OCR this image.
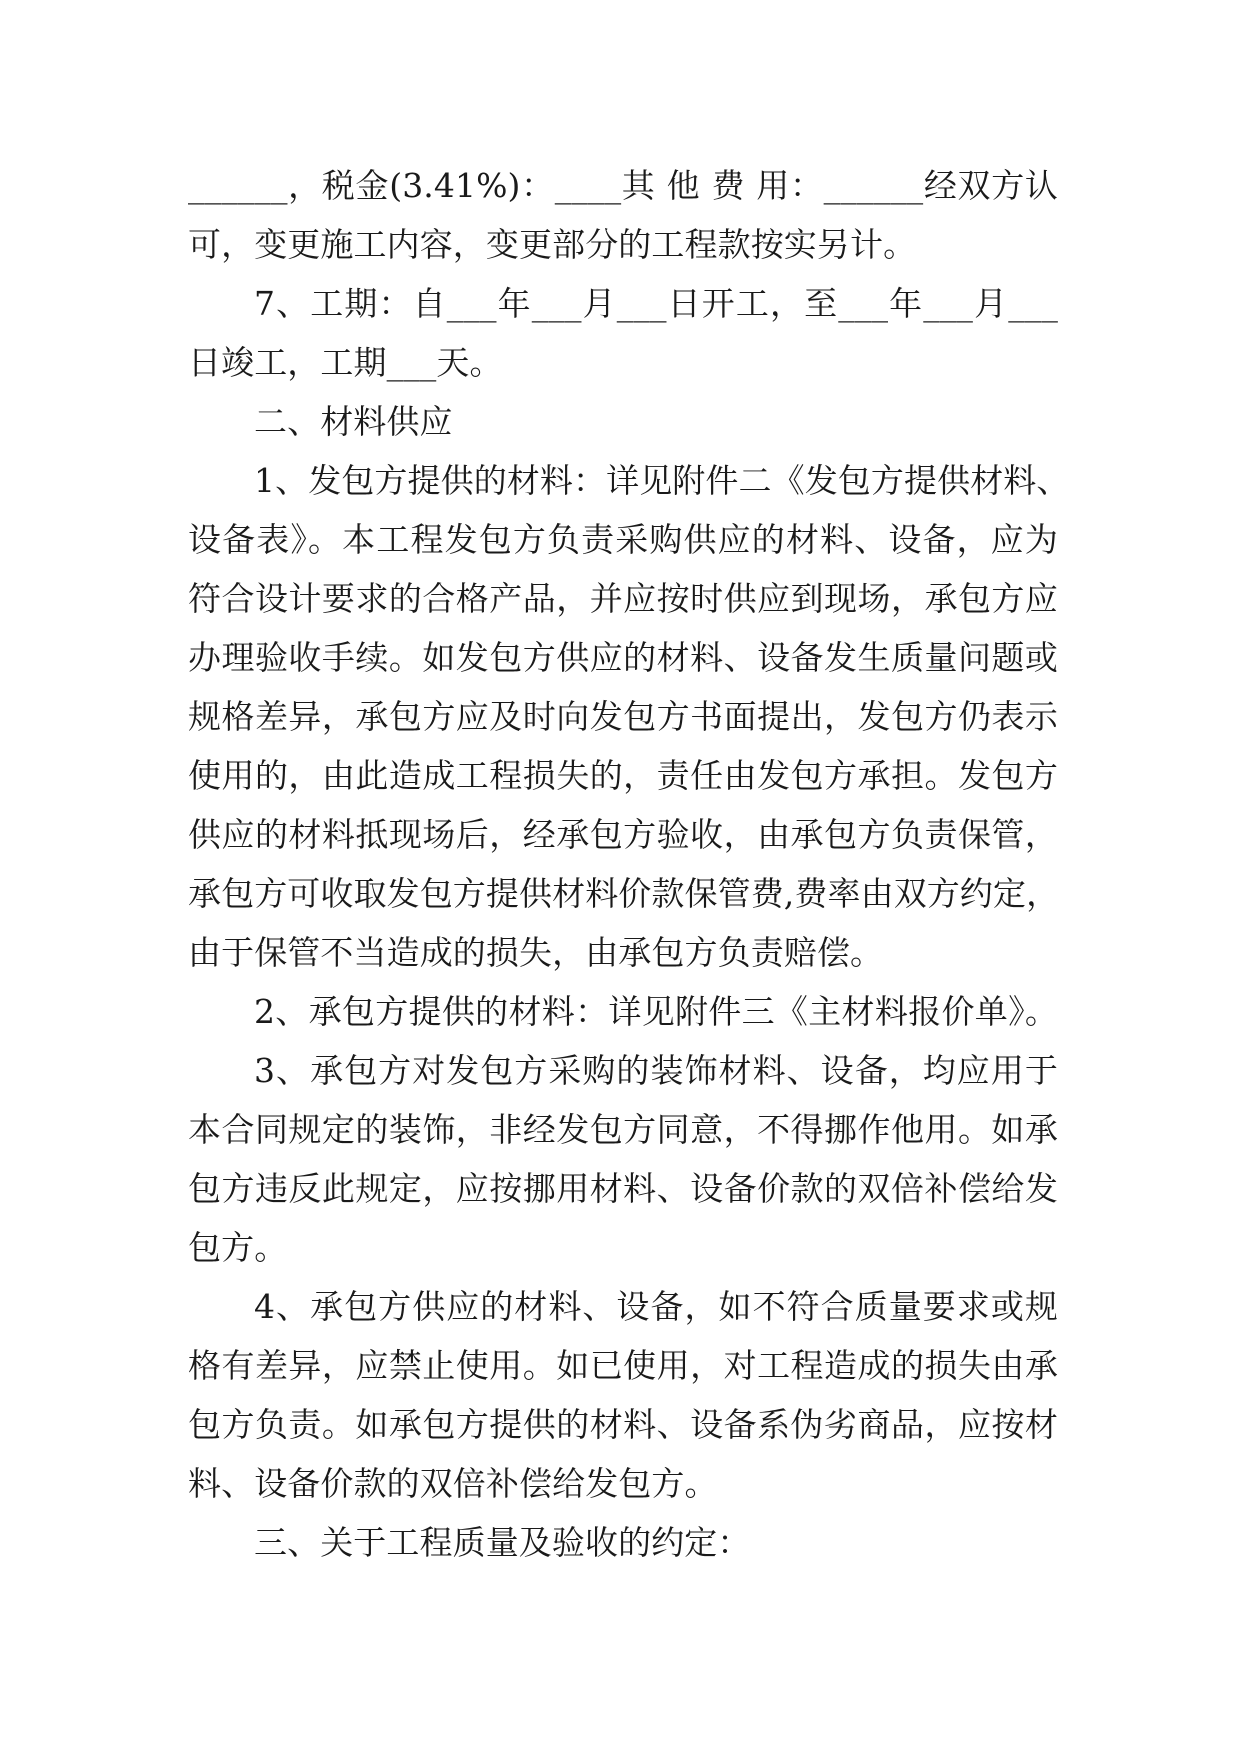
______，税金(3.41%)：____其 他 费 用：______经双方认
可，变更施工内容，变更部分的工程款按实另计。
7、工期：自___年___月___日开工，至___年___月___
日竣工，工期___天。
二、材料供应
1、发包方提供的材料：详见附件二《发包方提供材料、
设备表》。本工程发包方负责采购供应的材料、设备，应为
符合设计要求的合格产品，并应按时供应到现场，承包方应
办理验收手续。如发包方供应的材料、设备发生质量问题或
规格差异，承包方应及时向发包方书面提出，发包方仍表示
使用的，由此造成工程损失的，责任由发包方承担。发包方
供应的材料抵现场后，经承包方验收，由承包方负责保管，
承包方可收取发包方提供材料价款保管费,费率由双方约定，
由于保管不当造成的损失，由承包方负责赔偿。
2、承包方提供的材料：详见附件三《主材料报价单》。
3、承包方对发包方采购的装饰材料、设备，均应用于
本合同规定的装饰，非经发包方同意，不得挪作他用。如承
包方违反此规定，应按挪用材料、设备价款的双倍补偿给发
包方。
4、承包方供应的材料、设备，如不符合质量要求或规
格有差异，应禁止使用。如已使用，对工程造成的损失由承
包方负责。如承包方提供的材料、设备系伪劣商品，应按材
料、设备价款的双倍补偿给发包方。
三、关于工程质量及验收的约定：
